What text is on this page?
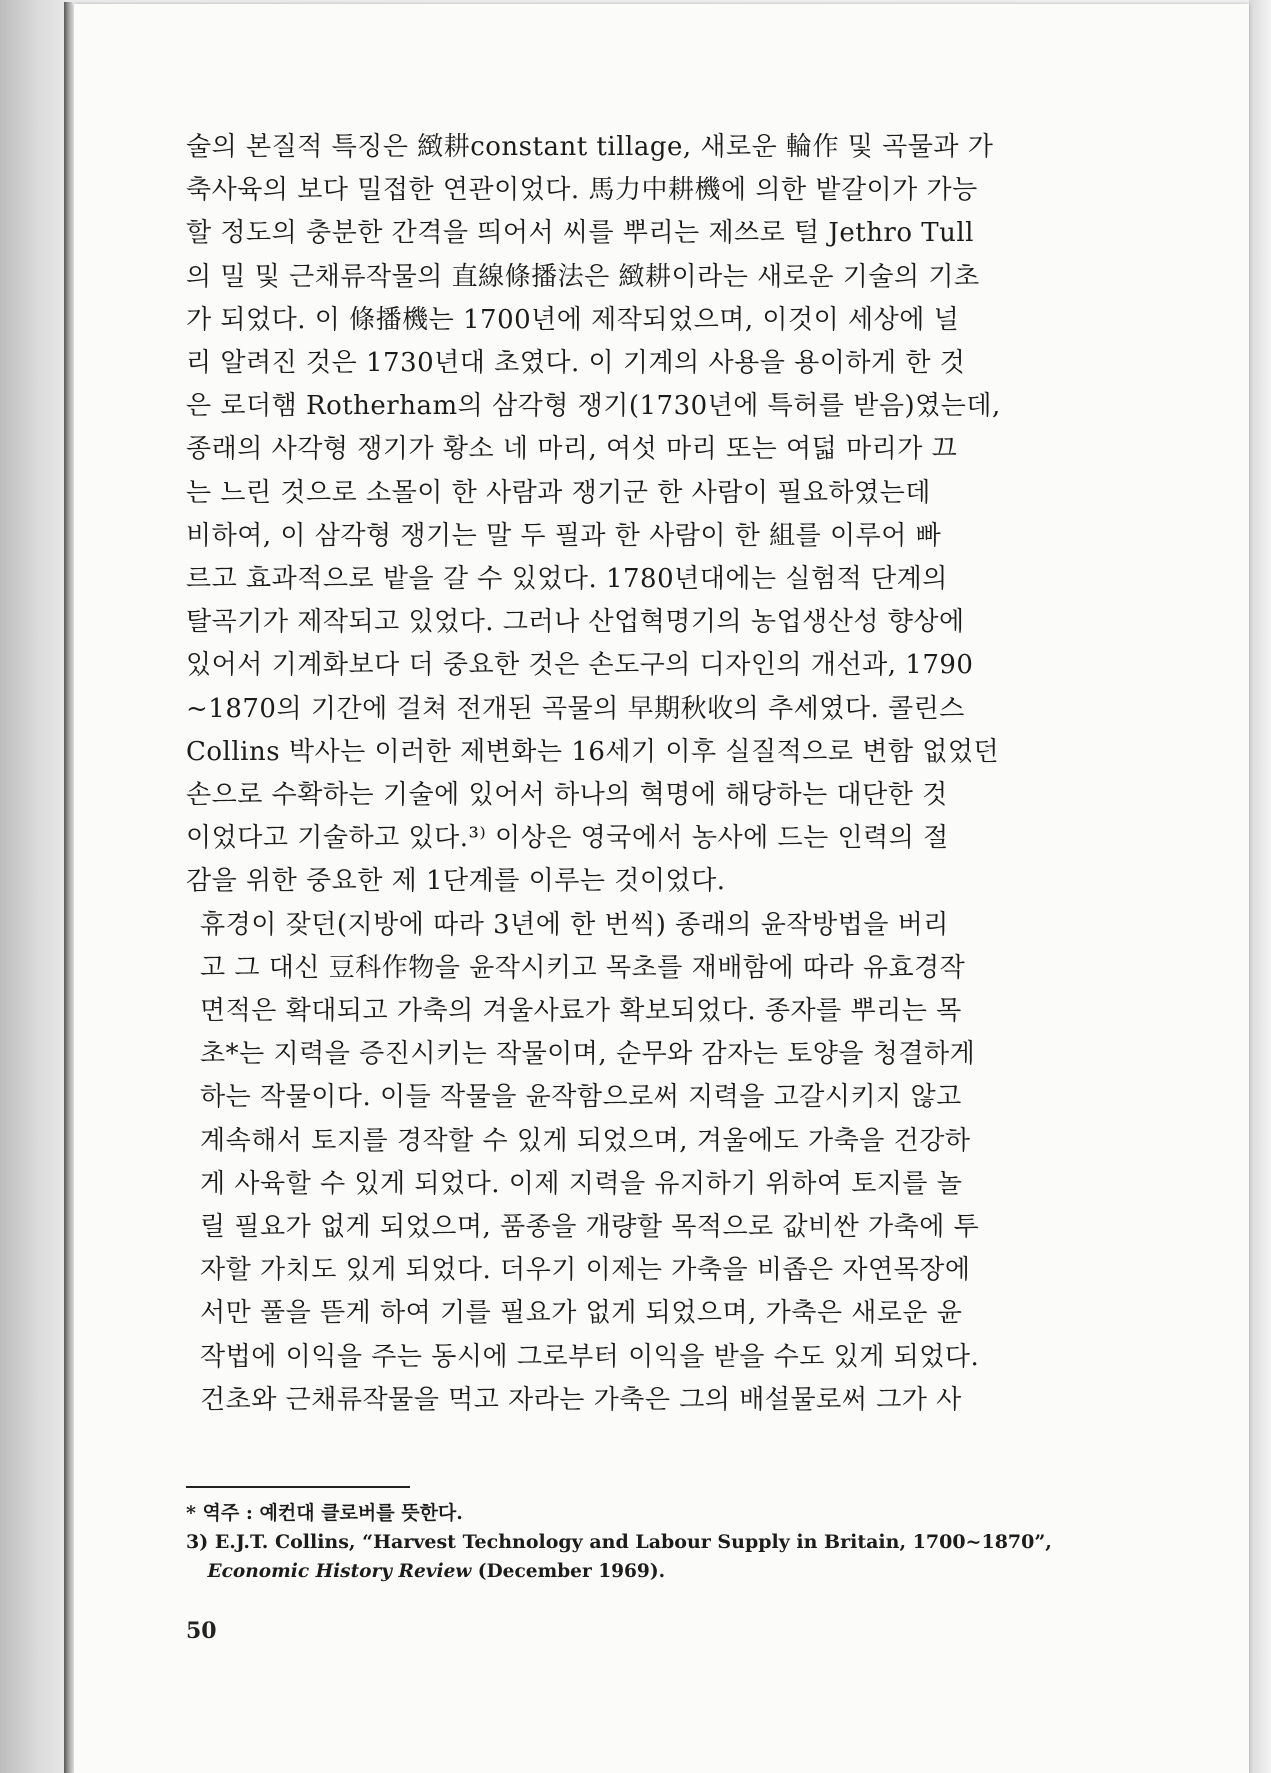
술의 본질적 특징은 緻耕constant tillage, 새로운 輪作 및 곡물과 가
축사육의 보다 밀접한 연관이었다. 馬力中耕機에 의한 밭갈이가 가능
할 정도의 충분한 간격을 띄어서 씨를 뿌리는 제쓰로 털 Jethro Tull
의 밀 및 근채류작물의 直線條播法은 緻耕이라는 새로운 기술의 기초
가 되었다. 이 條播機는 1700년에 제작되었으며, 이것이 세상에 널
리 알려진 것은 1730년대 초였다. 이 기계의 사용을 용이하게 한 것
은 로더햄 Rotherham의 삼각형 쟁기(1730년에 특허를 받음)였는데,
종래의 사각형 쟁기가 황소 네 마리, 여섯 마리 또는 여덟 마리가 끄
는 느린 것으로 소몰이 한 사람과 쟁기군 한 사람이 필요하였는데
비하여, 이 삼각형 쟁기는 말 두 필과 한 사람이 한 組를 이루어 빠
르고 효과적으로 밭을 갈 수 있었다. 1780년대에는 실험적 단계의
탈곡기가 제작되고 있었다. 그러나 산업혁명기의 농업생산성 향상에
있어서 기계화보다 더 중요한 것은 손도구의 디자인의 개선과, 1790
~1870의 기간에 걸쳐 전개된 곡물의 早期秋收의 추세였다. 콜린스
Collins 박사는 이러한 제변화는 16세기 이후 실질적으로 변함 없었던
손으로 수확하는 기술에 있어서 하나의 혁명에 해당하는 대단한 것
이었다고 기술하고 있다.³⁾ 이상은 영국에서 농사에 드는 인력의 절
감을 위한 중요한 제 1단계를 이루는 것이었다.

휴경이 잦던(지방에 따라 3년에 한 번씩) 종래의 윤작방법을 버리
고 그 대신 豆科作物을 윤작시키고 목초를 재배함에 따라 유효경작
면적은 확대되고 가축의 겨울사료가 확보되었다. 종자를 뿌리는 목
초*는 지력을 증진시키는 작물이며, 순무와 감자는 토양을 청결하게
하는 작물이다. 이들 작물을 윤작함으로써 지력을 고갈시키지 않고
계속해서 토지를 경작할 수 있게 되었으며, 겨울에도 가축을 건강하
게 사육할 수 있게 되었다. 이제 지력을 유지하기 위하여 토지를 놀
릴 필요가 없게 되었으며, 품종을 개량할 목적으로 값비싼 가축에 투
자할 가치도 있게 되었다. 더우기 이제는 가축을 비좁은 자연목장에
서만 풀을 뜯게 하여 기를 필요가 없게 되었으며, 가축은 새로운 윤
작법에 이익을 주는 동시에 그로부터 이익을 받을 수도 있게 되었다.
건초와 근채류작물을 먹고 자라는 가축은 그의 배설물로써 그가 사

* 역주 : 예컨대 클로버를 뜻한다.
3) E.J.T. Collins, “Harvest Technology and Labour Supply in Britain, 1700~1870”,
Economic History Review (December 1969).
50
